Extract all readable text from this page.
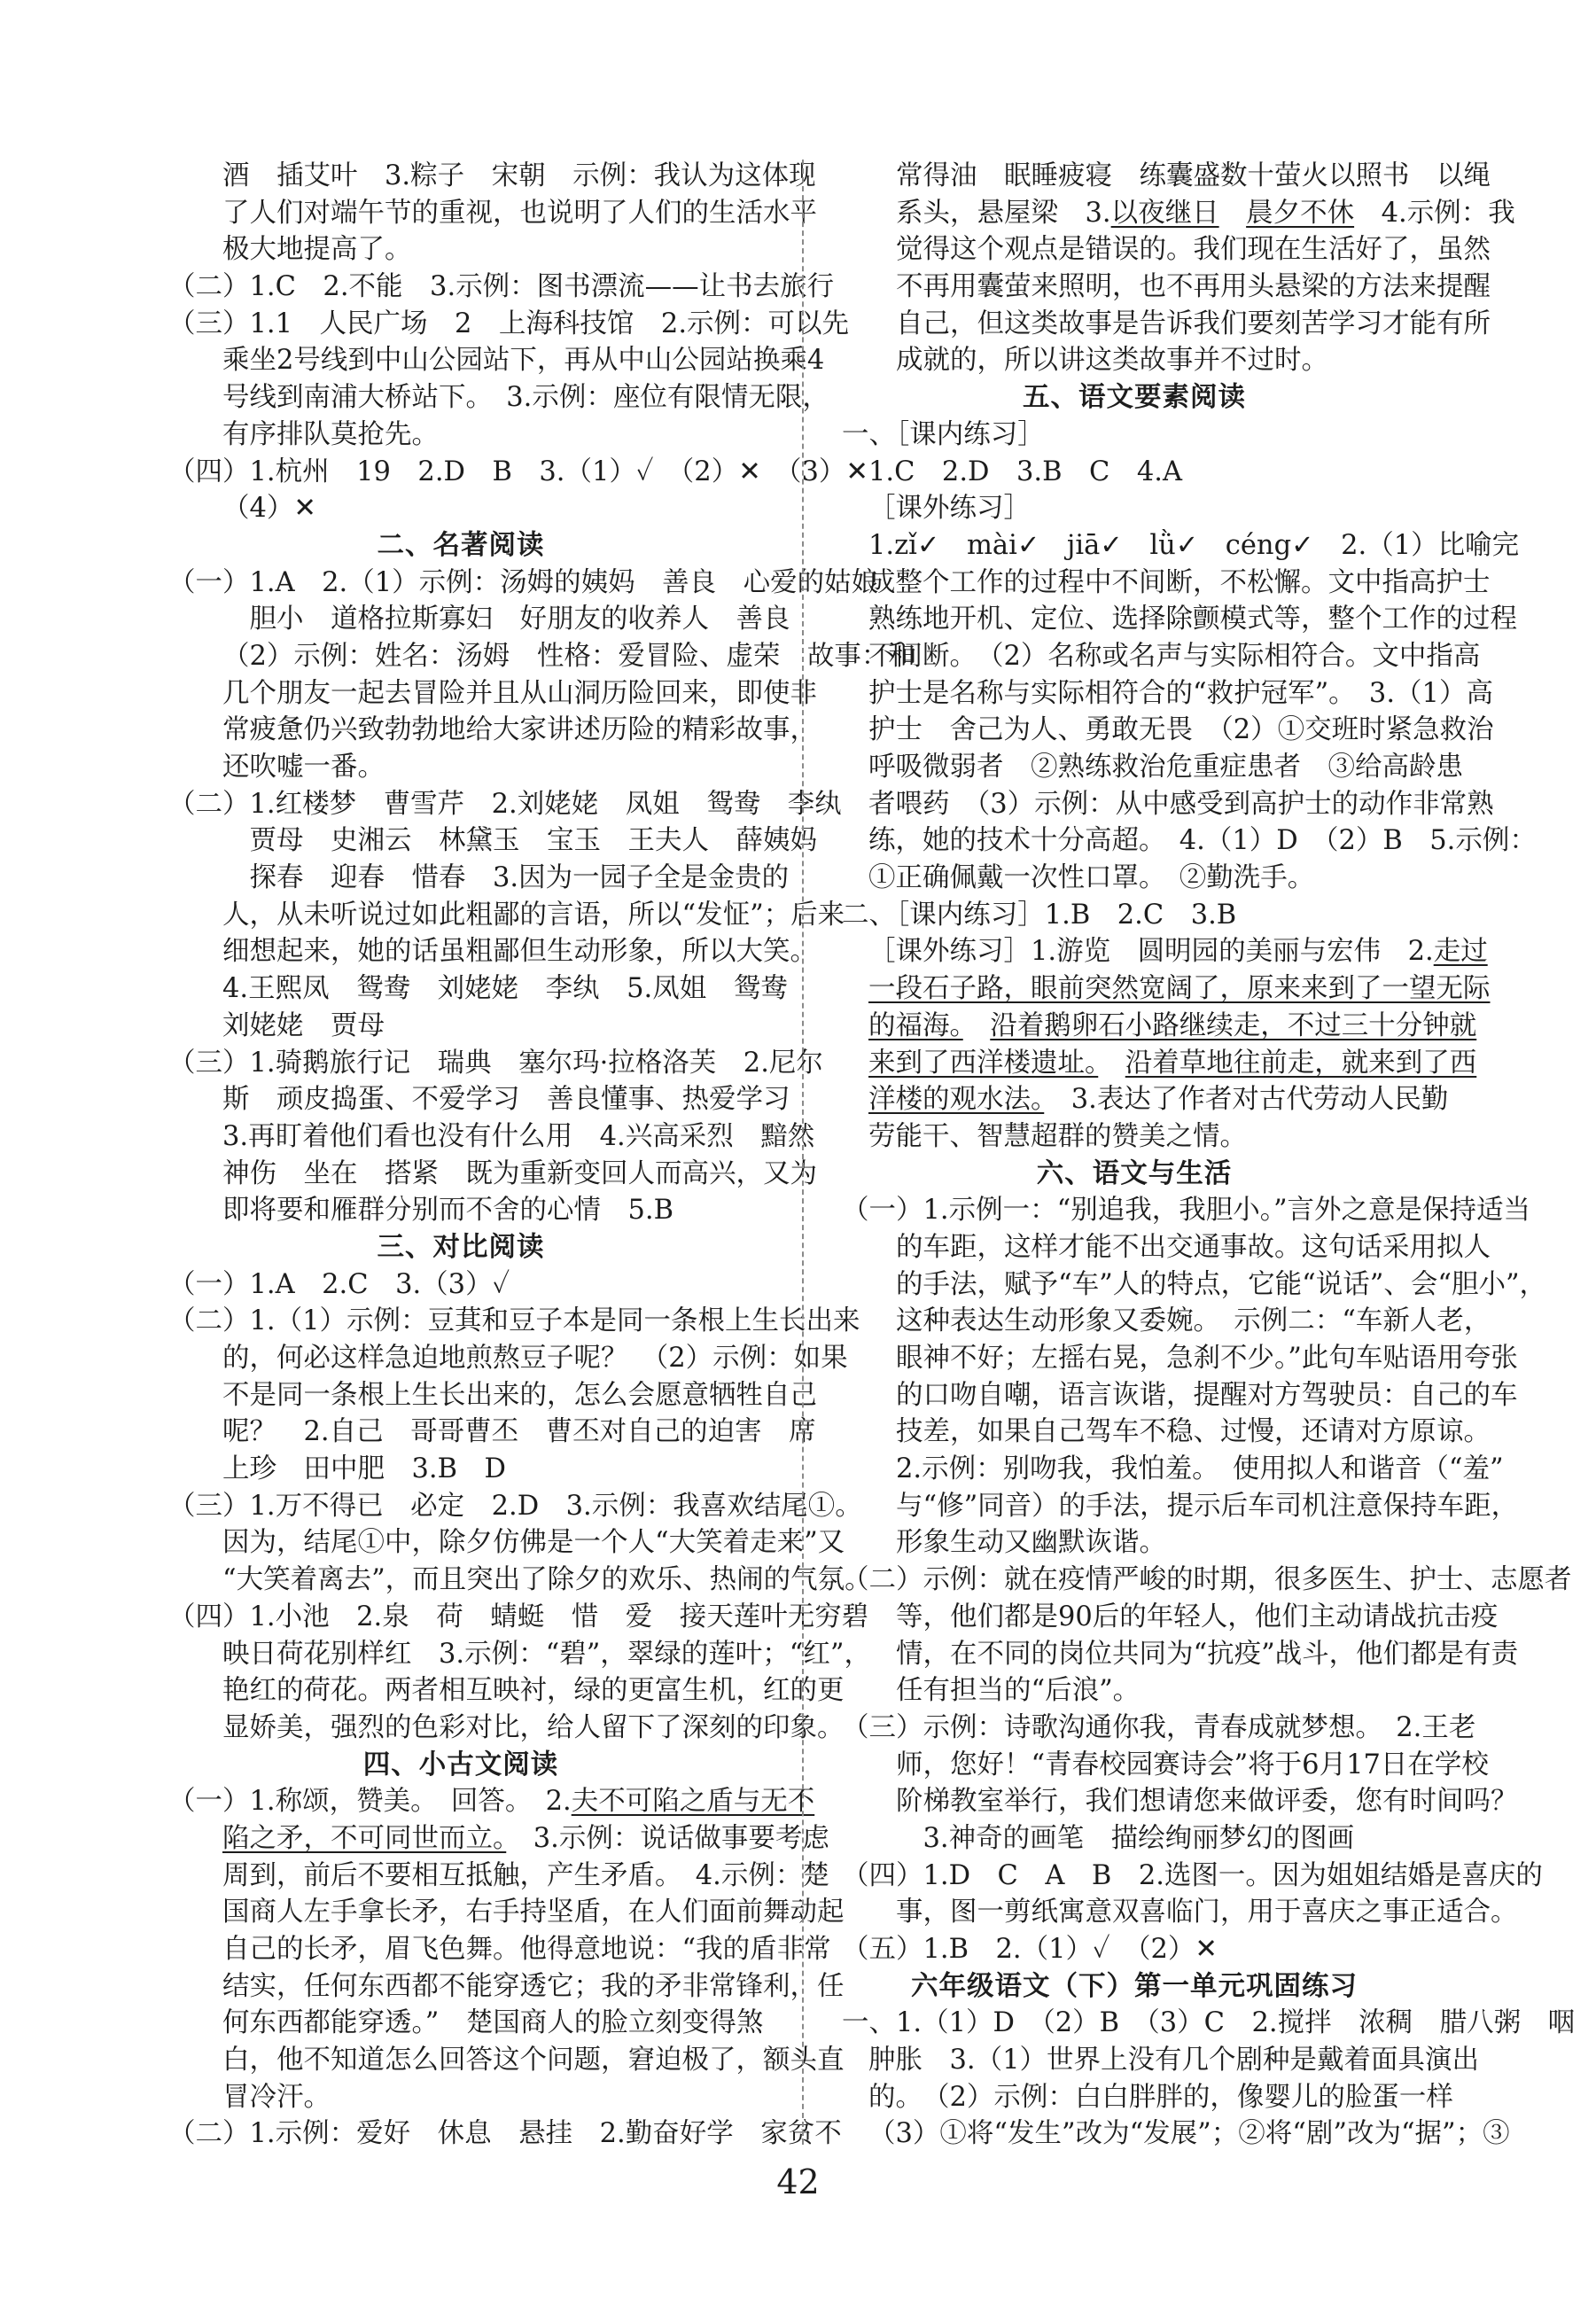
酒　插艾叶　3.粽子　宋朝　示例：我认为这体现
了人们对端午节的重视，也说明了人们的生活水平
极大地提高了。
（二）1.C　2.不能　3.示例：图书漂流——让书去旅行
（三）1.1　人民广场　2　上海科技馆　2.示例：可以先
乘坐2号线到中山公园站下，再从中山公园站换乘4
号线到南浦大桥站下。　3.示例：座位有限情无限，
有序排队莫抢先。
（四）1.杭州　19　2.D　B　3.（1）✓　（2）✕　（3）✕
（4）✕
二、名著阅读
（一）1.A　2.（1）示例：汤姆的姨妈　善良　心爱的姑娘
　胆小　道格拉斯寡妇　好朋友的收养人　善良
（2）示例：姓名：汤姆　性格：爱冒险、虚荣　故事：和
几个朋友一起去冒险并且从山洞历险回来，即使非
常疲惫仍兴致勃勃地给大家讲述历险的精彩故事，
还吹嘘一番。
（二）1.红楼梦　曹雪芹　2.刘姥姥　凤姐　鸳鸯　李纨
　贾母　史湘云　林黛玉　宝玉　王夫人　薛姨妈
　探春　迎春　惜春　3.因为一园子全是金贵的
人，从未听说过如此粗鄙的言语，所以“发怔”；后来
细想起来，她的话虽粗鄙但生动形象，所以大笑。
4.王熙凤　鸳鸯　刘姥姥　李纨　5.凤姐　鸳鸯
刘姥姥　贾母
（三）1.骑鹅旅行记　瑞典　塞尔玛·拉格洛芙　2.尼尔
斯　顽皮捣蛋、不爱学习　善良懂事、热爱学习
3.再盯着他们看也没有什么用　4.兴高采烈　黯然
神伤　坐在　搭紧　既为重新变回人而高兴，又为
即将要和雁群分别而不舍的心情　5.B
三、对比阅读
（一）1.A　2.C　3.（3）✓
（二）1.（1）示例：豆萁和豆子本是同一条根上生长出来
的，何必这样急迫地煎熬豆子呢？　（2）示例：如果
不是同一条根上生长出来的，怎么会愿意牺牲自己
呢？　2.自己　哥哥曹丕　曹丕对自己的迫害　席
上珍　田中肥　3.B　D
（三）1.万不得已　必定　2.D　3.示例：我喜欢结尾①。
因为，结尾①中，除夕仿佛是一个人“大笑着走来”又
“大笑着离去”，而且突出了除夕的欢乐、热闹的气氛。
（四）1.小池　2.泉　荷　蜻蜓　惜　爱　接天莲叶无穷碧
映日荷花别样红　3.示例：“碧”，翠绿的莲叶；“红”，
艳红的荷花。两者相互映衬，绿的更富生机，红的更
显娇美，强烈的色彩对比，给人留下了深刻的印象。
四、小古文阅读
（一）1.称颂，赞美。　回答。　2.夫不可陷之盾与无不
陷之矛，不可同世而立。　3.示例：说话做事要考虑
周到，前后不要相互抵触，产生矛盾。　4.示例：楚
国商人左手拿长矛，右手持坚盾，在人们面前舞动起
自己的长矛，眉飞色舞。他得意地说：“我的盾非常
结实，任何东西都不能穿透它；我的矛非常锋利，任
何东西都能穿透。”　楚国商人的脸立刻变得煞
白，他不知道怎么回答这个问题，窘迫极了，额头直
冒冷汗。
（二）1.示例：爱好　休息　悬挂　2.勤奋好学　家贫不
常得油　眠睡疲寝　练囊盛数十萤火以照书　以绳
系头，悬屋梁　3.以夜继日　 晨夕不休　4.示例：我
觉得这个观点是错误的。我们现在生活好了，虽然
不再用囊萤来照明，也不再用头悬梁的方法来提醒
自己，但这类故事是告诉我们要刻苦学习才能有所
成就的，所以讲这类故事并不过时。
五、语文要素阅读
一、［课内练习］
1.C　2.D　3.B　C　4.A
［课外练习］
1.zǐ✓　mài✓　jiā✓　lǜ✓　céng✓　2.（1）比喻完
成整个工作的过程中不间断，不松懈。文中指高护士
熟练地开机、定位、选择除颤模式等，整个工作的过程
不间断。　（2）名称或名声与实际相符合。文中指高
护士是名称与实际相符合的“救护冠军”。　3.（1）高
护士　舍己为人、勇敢无畏　（2）①交班时紧急救治
呼吸微弱者　②熟练救治危重症患者　③给高龄患
者喂药　（3）示例：从中感受到高护士的动作非常熟
练，她的技术十分高超。　4.（1）D　（2）B　5.示例：
①正确佩戴一次性口罩。　②勤洗手。
二、［课内练习］1.B　2.C　3.B
［课外练习］1.游览　圆明园的美丽与宏伟　2.走过
一段石子路，眼前突然宽阔了，原来来到了一望无际
的福海。　 沿着鹅卵石小路继续走，不过三十分钟就
来到了西洋楼遗址。　 沿着草地往前走，就来到了西
洋楼的观水法。　3.表达了作者对古代劳动人民勤
劳能干、智慧超群的赞美之情。
六、语文与生活
（一）1.示例一：“别追我，我胆小。”言外之意是保持适当
的车距，这样才能不出交通事故。这句话采用拟人
的手法，赋予“车”人的特点，它能“说话”、会“胆小”，
这种表达生动形象又委婉。　示例二：“车新人老，
眼神不好；左摇右晃，急刹不少。”此句车贴语用夸张
的口吻自嘲，语言诙谐，提醒对方驾驶员：自己的车
技差，如果自己驾车不稳、过慢，还请对方原谅。
2.示例：别吻我，我怕羞。　使用拟人和谐音（“羞”
与“修”同音）的手法，提示后车司机注意保持车距，
形象生动又幽默诙谐。
（二）示例：就在疫情严峻的时期，很多医生、护士、志愿者
等，他们都是90后的年轻人，他们主动请战抗击疫
情，在不同的岗位共同为“抗疫”战斗，他们都是有责
任有担当的“后浪”。
（三）示例：诗歌沟通你我，青春成就梦想。　2.王老
师，您好！“青春校园赛诗会”将于6月17日在学校
阶梯教室举行，我们想请您来做评委，您有时间吗？
　3.神奇的画笔　描绘绚丽梦幻的图画
（四）1.D　C　A　B　2.选图一。因为姐姐结婚是喜庆的
事，图一剪纸寓意双喜临门，用于喜庆之事正适合。
（五）1.B　2.（1）✓　（2）✕
六年级语文（下）第一单元巩固练习
一、1.（1）D　（2）B　（3）C　2.搅拌　浓稠　腊八粥　咽
肿胀　3.（1）世界上没有几个剧种是戴着面具演出
的。　（2）示例：白白胖胖的，像婴儿的脸蛋一样
（3）①将“发生”改为“发展”；②将“剧”改为“据”；③
42
